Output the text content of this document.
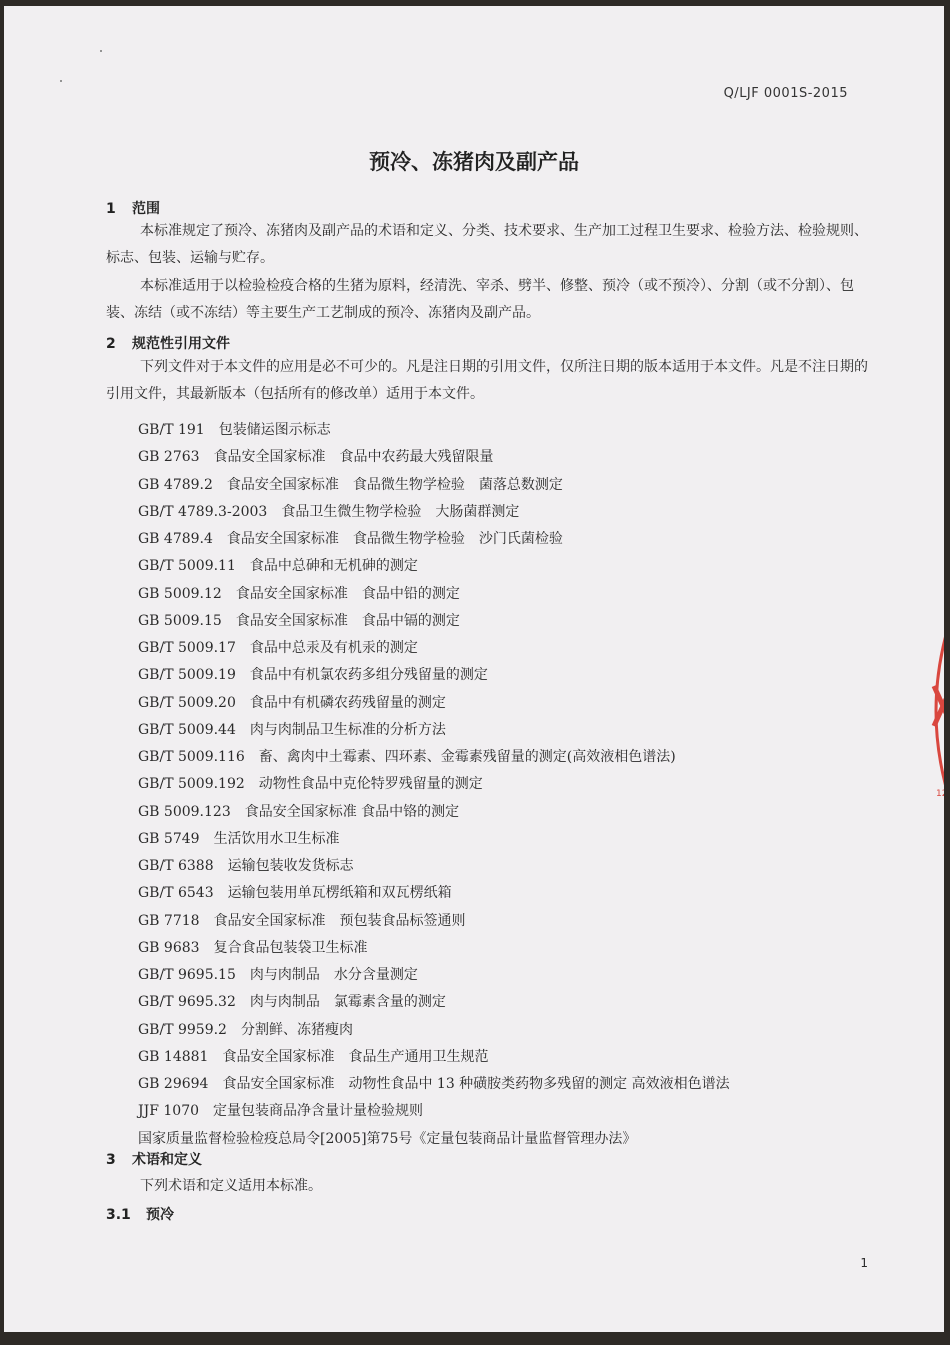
Q/LJF 0001S-2015
预冷、冻猪肉及副产品
1 范围
本标准规定了预冷、冻猪肉及副产品的术语和定义、分类、技术要求、生产加工过程卫生要求、检验方法、检验规则、标志、包装、运输与贮存。
本标准适用于以检验检疫合格的生猪为原料，经清洗、宰杀、劈半、修整、预冷（或不预冷）、分割（或不分割）、包装、冻结（或不冻结）等主要生产工艺制成的预冷、冻猪肉及副产品。
2 规范性引用文件
下列文件对于本文件的应用是必不可少的。凡是注日期的引用文件，仅所注日期的版本适用于本文件。凡是不注日期的引用文件，其最新版本（包括所有的修改单）适用于本文件。
GB/T 191 包装储运图示标志
GB 2763 食品安全国家标准　食品中农药最大残留限量
GB 4789.2 食品安全国家标准　食品微生物学检验　菌落总数测定
GB/T 4789.3-2003 食品卫生微生物学检验　大肠菌群测定
GB 4789.4 食品安全国家标准　食品微生物学检验　沙门氏菌检验
GB/T 5009.11 食品中总砷和无机砷的测定
GB 5009.12 食品安全国家标准　食品中铅的测定
GB 5009.15 食品安全国家标准　食品中镉的测定
GB/T 5009.17 食品中总汞及有机汞的测定
GB/T 5009.19 食品中有机氯农药多组分残留量的测定
GB/T 5009.20 食品中有机磷农药残留量的测定
GB/T 5009.44 肉与肉制品卫生标准的分析方法
GB/T 5009.116 畜、禽肉中土霉素、四环素、金霉素残留量的测定(高效液相色谱法)
GB/T 5009.192 动物性食品中克伦特罗残留量的测定
GB 5009.123 食品安全国家标准 食品中铬的测定
GB 5749 生活饮用水卫生标准
GB/T 6388 运输包装收发货标志
GB/T 6543 运输包装用单瓦楞纸箱和双瓦楞纸箱
GB 7718 食品安全国家标准　预包装食品标签通则
GB 9683 复合食品包装袋卫生标准
GB/T 9695.15 肉与肉制品　水分含量测定
GB/T 9695.32 肉与肉制品　氯霉素含量的测定
GB/T 9959.2 分割鲜、冻猪瘦肉
GB 14881 食品安全国家标准　食品生产通用卫生规范
GB 29694 食品安全国家标准　动物性食品中 13 种磺胺类药物多残留的测定 高效液相色谱法
JJF 1070 定量包装商品净含量计量检验规则
国家质量监督检验检疫总局令[2005]第75号《定量包装商品计量监督管理办法》
3 术语和定义
下列术语和定义适用本标准。
3.1 预冷
12
1
